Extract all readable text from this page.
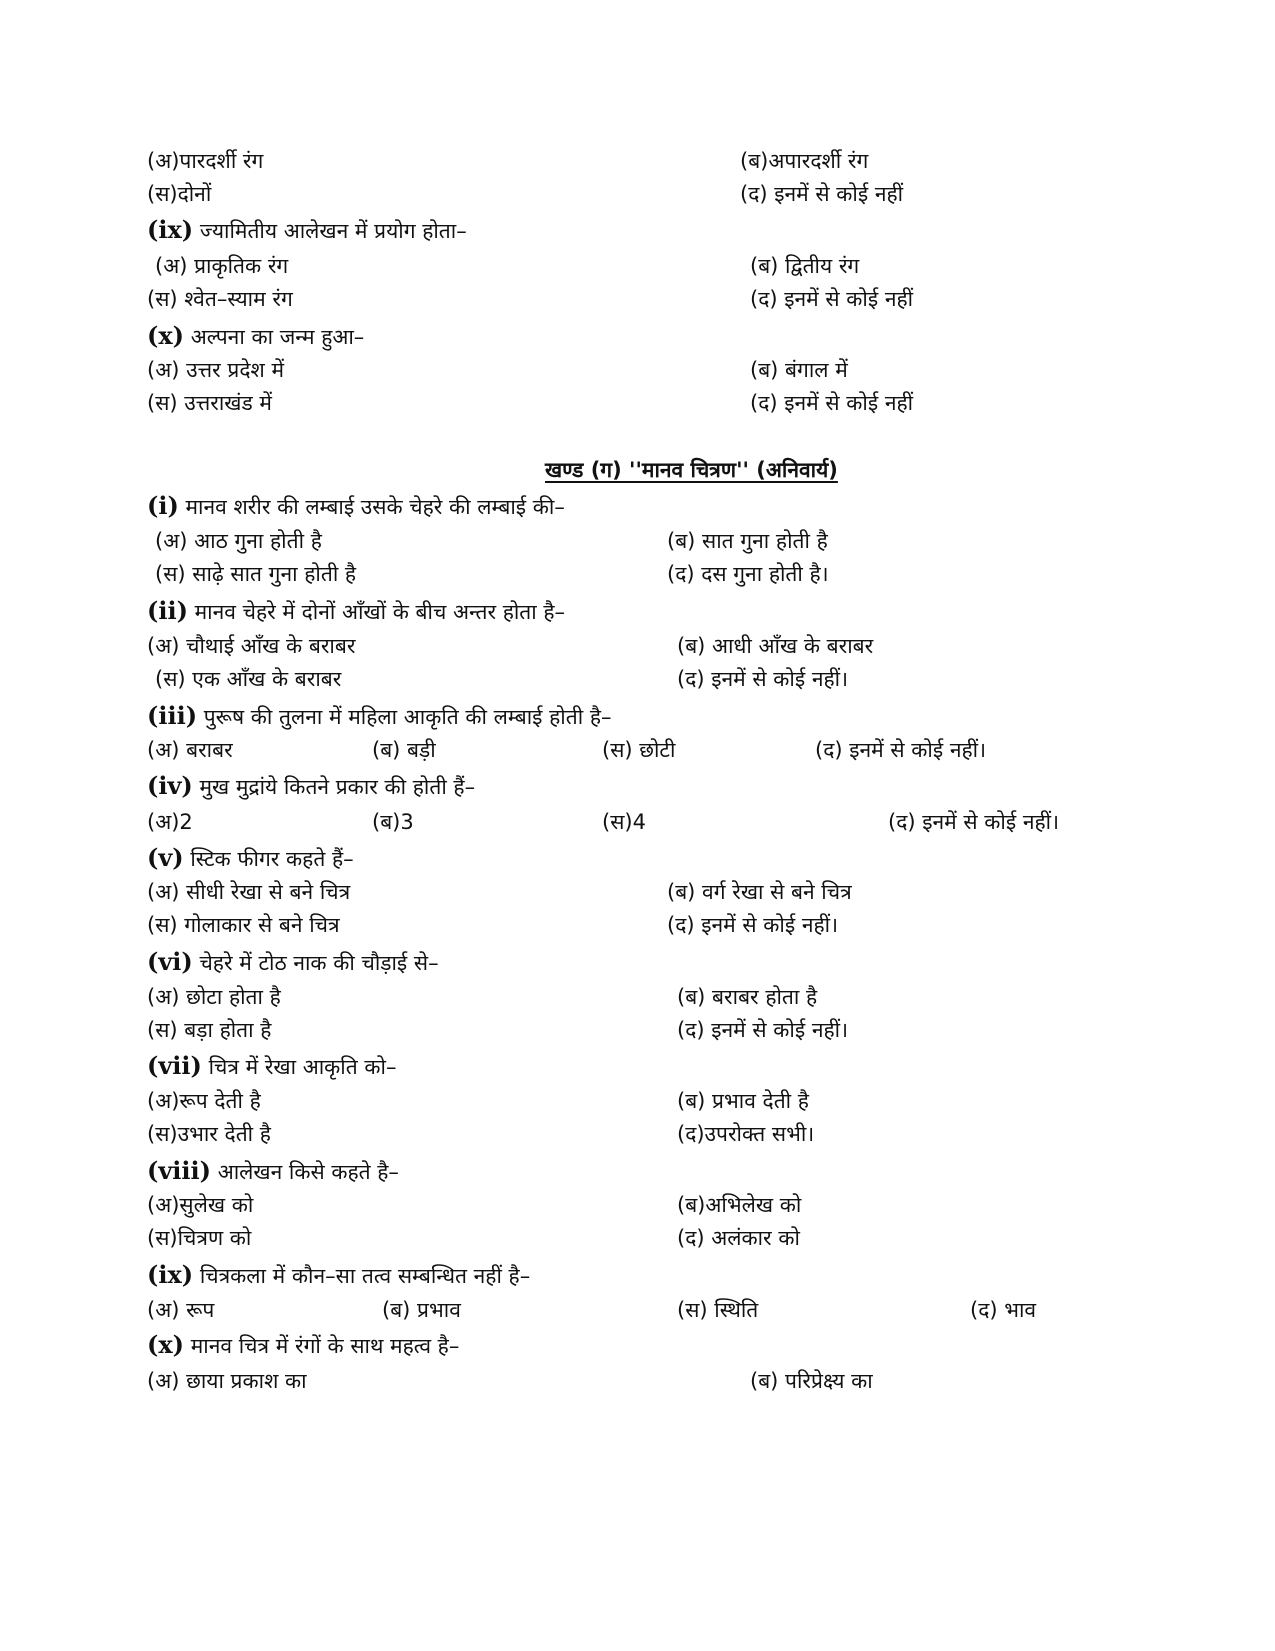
(अ)पारदर्शी रंग	(ब)अपारदर्शी रंग
(स)दोनों	(द) इनमें से कोई नहीं
(ix) ज्यामितीय आलेखन में प्रयोग होता–
(अ) प्राकृतिक रंग	(ब) द्वितीय रंग
(स) श्वेत–स्याम रंग	(द) इनमें से कोई नहीं
(x) अल्पना का जन्म हुआ–
(अ) उत्तर प्रदेश में	(ब) बंगाल में
(स) उत्तराखंड में	(द) इनमें से कोई नहीं
खण्ड (ग) ''मानव चित्रण'' (अनिवार्य)
(i) मानव शरीर की लम्बाई उसके चेहरे की लम्बाई की–
(अ) आठ गुना होती है	(ब) सात गुना होती है
(स) साढ़े सात गुना होती है	(द) दस गुना होती है।
(ii) मानव चेहरे में दोनों आँखों के बीच अन्तर होता है–
(अ) चौथाई आँख के बराबर	(ब) आधी आँख के बराबर
(स) एक आँख के बराबर	(द) इनमें से कोई नहीं।
(iii) पुरूष की तुलना में महिला आकृति की लम्बाई होती है–
(अ) बराबर	(ब) बड़ी	(स) छोटी	(द) इनमें से कोई नहीं।
(iv) मुख मुद्रांये कितने प्रकार की होती हैं–
(अ)2	(ब)3	(स)4	(द) इनमें से कोई नहीं।
(v) स्टिक फीगर कहते हैं–
(अ) सीधी रेखा से बने चित्र	(ब) वर्ग रेखा से बने चित्र
(स) गोलाकार से बने चित्र	(द) इनमें से कोई नहीं।
(vi) चेहरे में टोठ नाक की चौड़ाई से–
(अ) छोटा होता है	(ब) बराबर होता है
(स) बड़ा होता है	(द) इनमें से कोई नहीं।
(vii) चित्र में रेखा आकृति को–
(अ)रूप देती है	(ब) प्रभाव देती है
(स)उभार देती है	(द)उपरोक्त सभी।
(viii) आलेखन किसे कहते है–
(अ)सुलेख को	(ब)अभिलेख को
(स)चित्रण को	(द) अलंकार को
(ix) चित्रकला में कौन–सा तत्व सम्बन्धित नहीं है–
(अ) रूप	(ब) प्रभाव	(स) स्थिति	(द) भाव
(x) मानव चित्र में रंगों के साथ महत्व है–
(अ) छाया प्रकाश का	(ब) परिप्रेक्ष्य का
